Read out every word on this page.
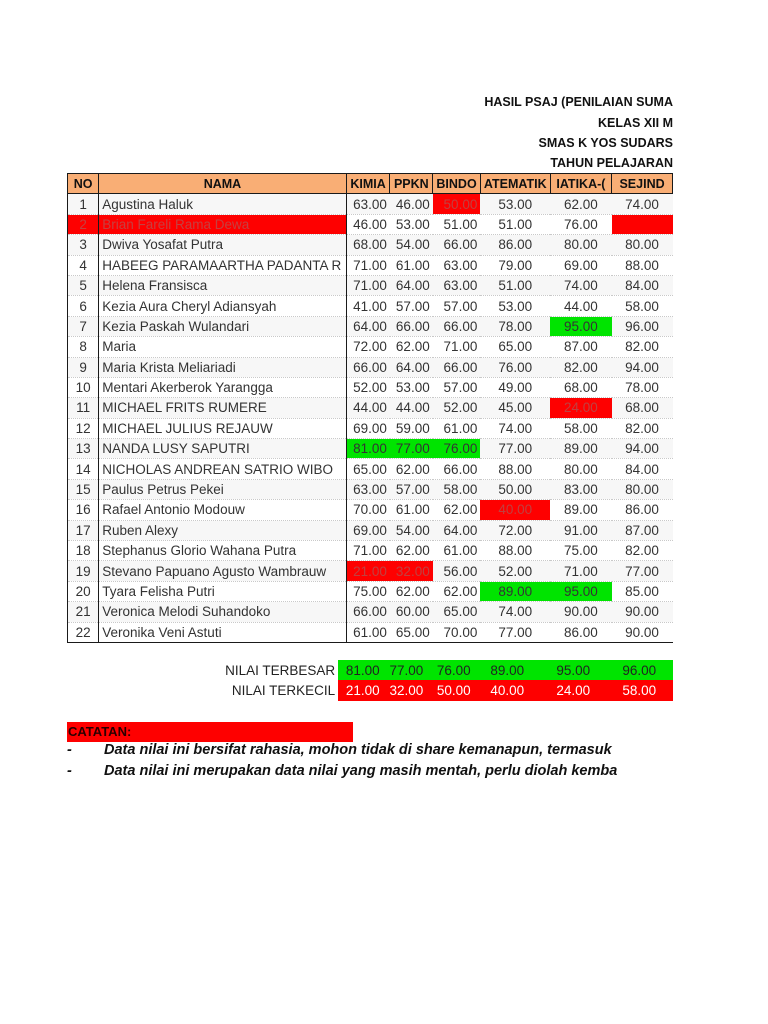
HASIL PSAJ (PENILAIAN SUMA
KELAS XII M
SMAS K YOS SUDARS
TAHUN PELAJARAN
NO	NAMA	KIMIA	PPKN	BINDO	ATEMATIK	IATIKA-(	SEJIND
1	Agustina Haluk	63.00	46.00	50.00	53.00	62.00	74.00
2	Brian Fareli Rama Dewa	46.00	53.00	51.00	51.00	76.00	
3	Dwiva Yosafat Putra	68.00	54.00	66.00	86.00	80.00	80.00
4	HABEEG PARAMAARTHA PADANTA R	71.00	61.00	63.00	79.00	69.00	88.00
5	Helena Fransisca	71.00	64.00	63.00	51.00	74.00	84.00
6	Kezia Aura Cheryl Adiansyah	41.00	57.00	57.00	53.00	44.00	58.00
7	Kezia Paskah Wulandari	64.00	66.00	66.00	78.00	95.00	96.00
8	Maria	72.00	62.00	71.00	65.00	87.00	82.00
9	Maria Krista Meliariadi	66.00	64.00	66.00	76.00	82.00	94.00
10	Mentari Akerberok Yarangga	52.00	53.00	57.00	49.00	68.00	78.00
11	MICHAEL FRITS RUMERE	44.00	44.00	52.00	45.00	24.00	68.00
12	MICHAEL JULIUS REJAUW	69.00	59.00	61.00	74.00	58.00	82.00
13	NANDA LUSY SAPUTRI	81.00	77.00	76.00	77.00	89.00	94.00
14	NICHOLAS ANDREAN SATRIO WIBO	65.00	62.00	66.00	88.00	80.00	84.00
15	Paulus Petrus Pekei	63.00	57.00	58.00	50.00	83.00	80.00
16	Rafael Antonio Modouw	70.00	61.00	62.00	40.00	89.00	86.00
17	Ruben Alexy	69.00	54.00	64.00	72.00	91.00	87.00
18	Stephanus Glorio Wahana Putra	71.00	62.00	61.00	88.00	75.00	82.00
19	Stevano Papuano Agusto Wambrauw	21.00	32.00	56.00	52.00	71.00	77.00
20	Tyara Felisha Putri	75.00	62.00	62.00	89.00	95.00	85.00
21	Veronica Melodi Suhandoko	66.00	60.00	65.00	74.00	90.00	90.00
22	Veronika Veni Astuti	61.00	65.00	70.00	77.00	86.00	90.00
NILAI TERBESAR	81.00	77.00	76.00	89.00	95.00	96.00
NILAI TERKECIL	21.00	32.00	50.00	40.00	24.00	58.00
CATATAN:
- Data nilai ini bersifat rahasia, mohon tidak di share kemanapun, termasuk
- Data nilai ini merupakan data nilai yang masih mentah, perlu diolah kemba
